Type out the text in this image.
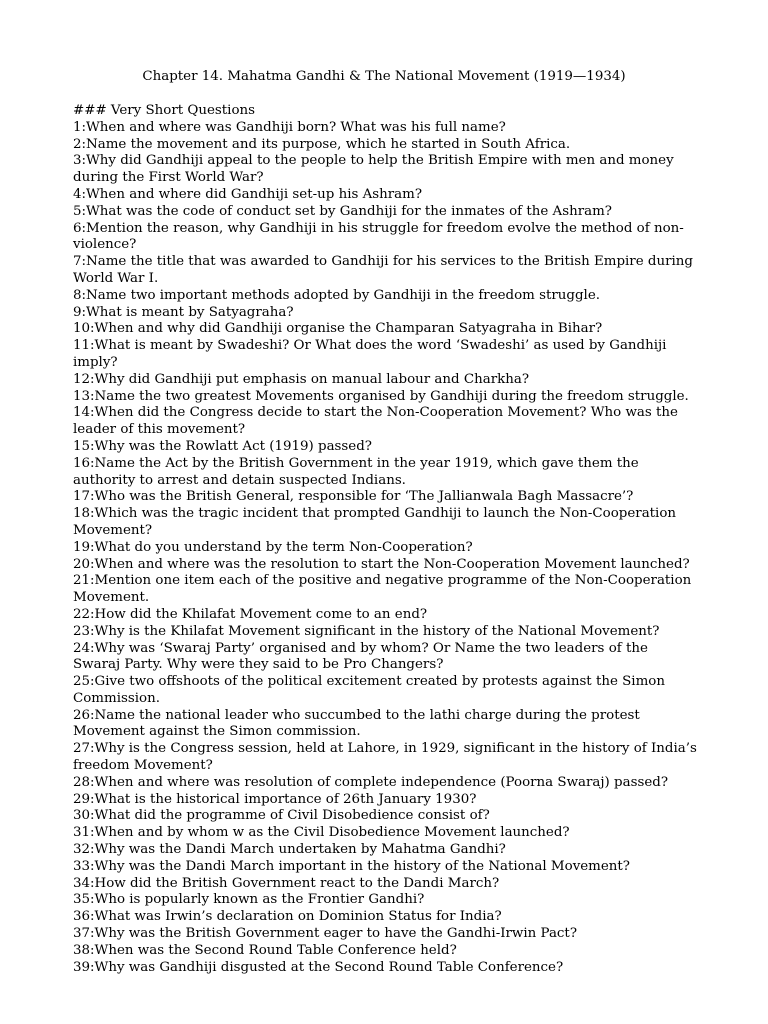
Chapter 14. Mahatma Gandhi & The National Movement (1919—1934)

### Very Short Questions

1:When and where was Gandhiji born? What was his full name?
2:Name the movement and its purpose, which he started in South Africa.
3:Why did Gandhiji appeal to the people to help the British Empire with men and money during the First World War?
4:When and where did Gandhiji set-up his Ashram?
5:What was the code of conduct set by Gandhiji for the inmates of the Ashram?
6:Mention the reason, why Gandhiji in his struggle for freedom evolve the method of non-violence?
7:Name the title that was awarded to Gandhiji for his services to the British Empire during World War I.
8:Name two important methods adopted by Gandhiji in the freedom struggle.
9:What is meant by Satyagraha?
10:When and why did Gandhiji organise the Champaran Satyagraha in Bihar?
11:What is meant by Swadeshi? Or What does the word ‘Swadeshi’ as used by Gandhiji imply?
12:Why did Gandhiji put emphasis on manual labour and Charkha?
13:Name the two greatest Movements organised by Gandhiji during the freedom struggle.
14:When did the Congress decide to start the Non-Cooperation Movement? Who was the leader of this movement?
15:Why was the Rowlatt Act (1919) passed?
16:Name the Act by the British Government in the year 1919, which gave them the authority to arrest and detain suspected Indians.
17:Who was the British General, responsible for ‘The Jallianwala Bagh Massacre’?
18:Which was the tragic incident that prompted Gandhiji to launch the Non-Cooperation Movement?
19:What do you understand by the term Non-Cooperation?
20:When and where was the resolution to start the Non-Cooperation Movement launched?
21:Mention one item each of the positive and negative programme of the Non-Cooperation Movement.
22:How did the Khilafat Movement come to an end?
23:Why is the Khilafat Movement significant in the history of the National Movement?
24:Why was ‘Swaraj Party’ organised and by whom? Or Name the two leaders of the Swaraj Party. Why were they said to be Pro Changers?
25:Give two offshoots of the political excitement created by protests against the Simon Commission.
26:Name the national leader who succumbed to the lathi charge during the protest Movement against the Simon commission.
27:Why is the Congress session, held at Lahore, in 1929, significant in the history of India’s freedom Movement?
28:When and where was resolution of complete independence (Poorna Swaraj) passed?
29:What is the historical importance of 26th January 1930?
30:What did the programme of Civil Disobedience consist of?
31:When and by whom w as the Civil Disobedience Movement launched?
32:Why was the Dandi March undertaken by Mahatma Gandhi?
33:Why was the Dandi March important in the history of the National Movement?
34:How did the British Government react to the Dandi March?
35:Who is popularly known as the Frontier Gandhi?
36:What was Irwin’s declaration on Dominion Status for India?
37:Why was the British Government eager to have the Gandhi-Irwin Pact?
38:When was the Second Round Table Conference held?
39:Why was Gandhiji disgusted at the Second Round Table Conference?
